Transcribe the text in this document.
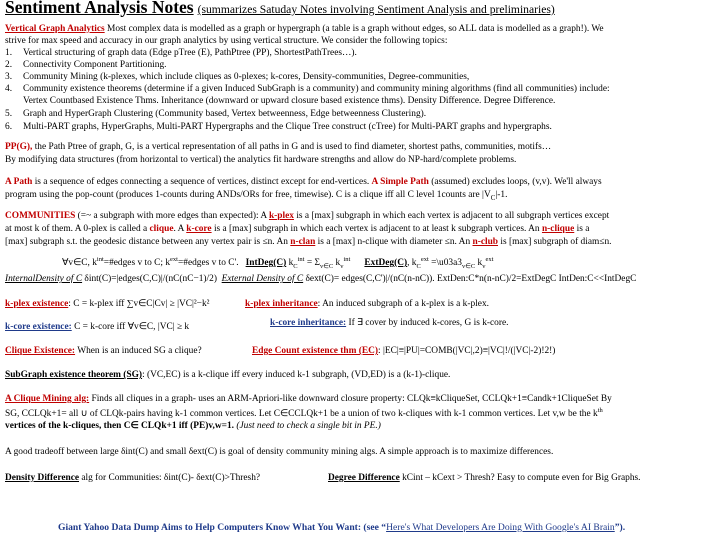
Sentiment Analysis Notes (summarizes Satuday Notes involving Sentiment Analysis and preliminaries)
Vertical Graph Analytics Most complex data is modelled as a graph or hypergraph (a table is a graph without edges, so ALL data is modelled as a graph!). We
strive for max speed and accuracy in our graph analytics by using vertical structure. We consider the following topics:
1. Vertical structuring of graph data (Edge pTree (E), PathPtree (PP), ShortestPathTrees…).
2. Connectivity Component Partitioning.
3. Community Mining (k-plexes, which include cliques as 0-plexes; k-cores, Density-communities, Degree-communities,
4. Community existence theorems (determine if a given Induced SubGraph is a community) and community mining algorithms (find all communities) include:
Vertex Countbased Existence Thms. Inheritance (downward or upward closure based existence thms). Density Difference. Degree Difference.
5. Graph and HyperGraph Clustering (Community based, Vertex betweenness, Edge betweenness Clustering).
6. Multi-PART graphs, HyperGraphs, Multi-PART Hypergraphs and the Clique Tree construct (cTree) for Multi-PART graphs and hypergraphs.
PP(G), the Path Ptree of graph, G, is a vertical representation of all paths in G and is used to find diameter, shortest paths, communities, motifs…
By modifying data structures (from horizontal to vertical) the analytics fit hardware strengths and allow do NP-hard/complete problems.
A Path is a sequence of edges connecting a sequence of vertices, distinct except for end-vertices. A Simple Path (assumed) excludes loops, (v,v). We'll always
program using the pop-count (produces 1-counts during ANDs/ORs for free, timewise). C is a clique iff all C level 1counts are $|V_C|-1$.
COMMUNITIES (=~ a subgraph with more edges than expected): A k-plex is a [max] subgraph in which each vertex is adjacent to all subgraph vertices except
at most k of them. A 0-plex is called a clique. A k-core is a [max] subgraph in which each vertex is adjacent to at least k subgraph vertices. An n-clique is a
[max] subgraph s.t. the geodesic distance between any vertex pair is ≤n. An n-clan is a [max] n-clique with diameter ≤n. An n-club is [max] subgraph of diam≤n.
∀v∈C, $k^{int}=\#edges$ v to C; $k^{ext}=\#edges$ v to C'. IntDeg(C) $k_C^{int} = \Sigma_{v\in C}$ $k_v^{int}$ ExtDeg(C), $k_C^{ext}$ $=\backslash u03a3_{v\in C}$ $k_v^{ext}$
InternalDensity of C δint(C)=|edges(C,C)|/(nC(nC−1)/2) External Density of C δext(C)= edges(C,C')|/(nC(n-nC)). ExtDen:C*n(n-nC)/2=ExtDegC IntDen:C<<IntDegC
k-plex existence: C = k-plex iff ∑v∈C|Cv| ≥ |VC|²−k²	k-plex inheritance: An induced subgraph of a k-plex is a k-plex.
k-core existence: C = k-core iff ∀v∈C, |VC| ≥ k	k-core inheritance: If ∃ cover by induced k-cores, G is k-core.
Clique Existence: When is an induced SG a clique?	Edge Count existence thm (EC): |EC|≡|PU|=COMB(|VC|,2)≡|VC|!/(|VC|-2)!2!)
SubGraph existence theorem (SG): (VC,EC) is a k-clique iff every induced k-1 subgraph, (VD,ED) is a (k-1)-clique.
A Clique Mining alg: Finds all cliques in a graph- uses an ARM-Apriori-like downward closure property: CLQk≡kCliqueSet, CCLQk+1≡Candk+1CliqueSet By
SG, CCLQk+1= all ∪ of CLQk-pairs having k-1 common vertices. Let C∈CCLQk+1 be a union of two k-cliques with k-1 common vertices. Let v,w be the $k^{th}$
vertices of the k-cliques, then C∈ CLQk+1 iff (PE)v,w=1. (Just need to check a single bit in PE.)
A good tradeoff between large δint(C) and small δext(C) is goal of density community mining algs. A simple approach is to maximize differences.
Density Difference alg for Communities: δint(C)- δext(C)>Thresh?	Degree Difference kCint – kCext > Thresh? Easy to compute even for Big Graphs.
Giant Yahoo Data Dump Aims to Help Computers Know What You Want: (see “Here's What Developers Are Doing With Google's AI Brain”).
